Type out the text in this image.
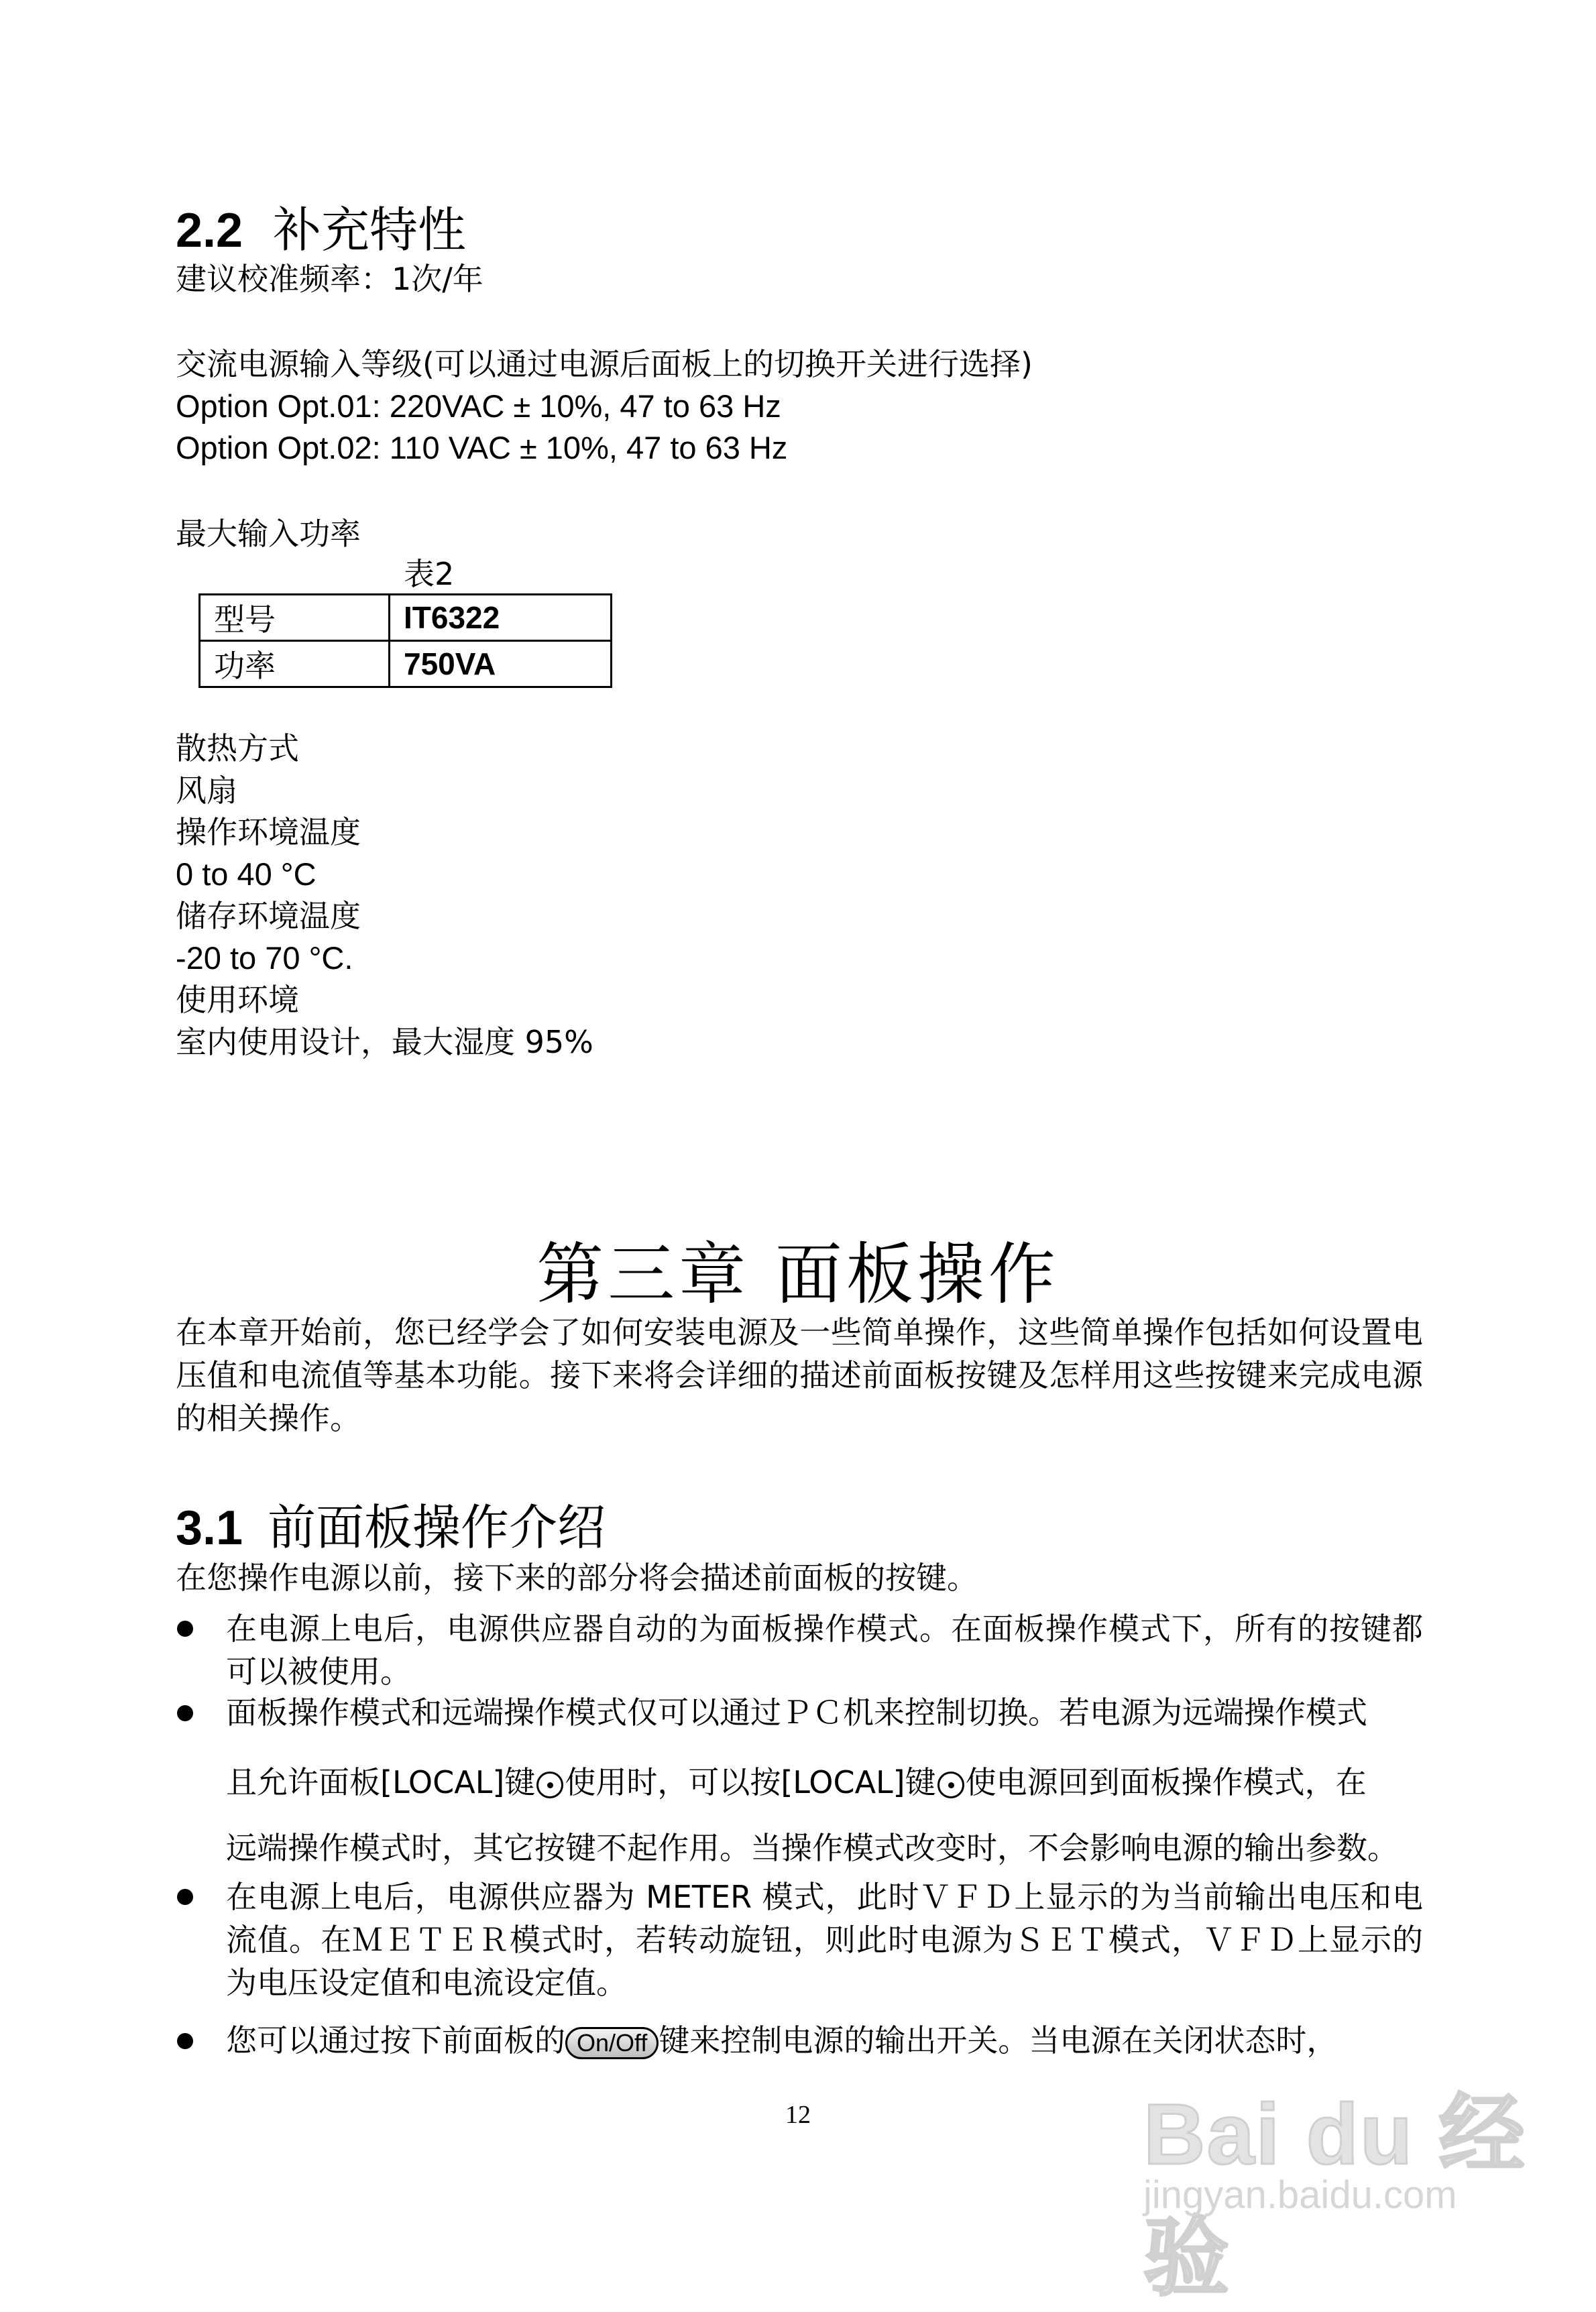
2.2 补充特性
建议校准频率：1次/年
交流电源输入等级(可以通过电源后面板上的切换开关进行选择)
Option Opt.01: 220VAC ± 10%, 47 to 63 Hz
Option Opt.02: 110 VAC ± 10%, 47 to 63 Hz
最大输入功率
表2
型号	IT6322
功率	750VA
散热方式
风扇
操作环境温度
0 to 40 °C
储存环境温度
-20 to 70 °C.
使用环境
室内使用设计，最大湿度 95%
第三章 面板操作
在本章开始前，您已经学会了如何安装电源及一些简单操作，这些简单操作包括如何设置电压值和电流值等基本功能。接下来将会详细的描述前面板按键及怎样用这些按键来完成电源的相关操作。
3.1 前面板操作介绍
在您操作电源以前，接下来的部分将会描述前面板的按键。
在电源上电后，电源供应器自动的为面板操作模式。在面板操作模式下，所有的按键都可以被使用。
面板操作模式和远端操作模式仅可以通过ＰＣ机来控制切换。若电源为远端操作模式
且允许面板[LOCAL]键 使用时，可以按[LOCAL]键 使电源回到面板操作模式，在
远端操作模式时，其它按键不起作用。当操作模式改变时，不会影响电源的输出参数。
在电源上电后，电源供应器为 METER 模式，此时ＶＦＤ上显示的为当前输出电压和电流值。在ＭＥＴＥＲ模式时，若转动旋钮，则此时电源为ＳＥＴ模式，ＶＦＤ上显示的为电压设定值和电流设定值。
您可以通过按下前面板的 On/Off 键来控制电源的输出开关。当电源在关闭状态时，
12	Bai du 经验
jingyan.baidu.com
